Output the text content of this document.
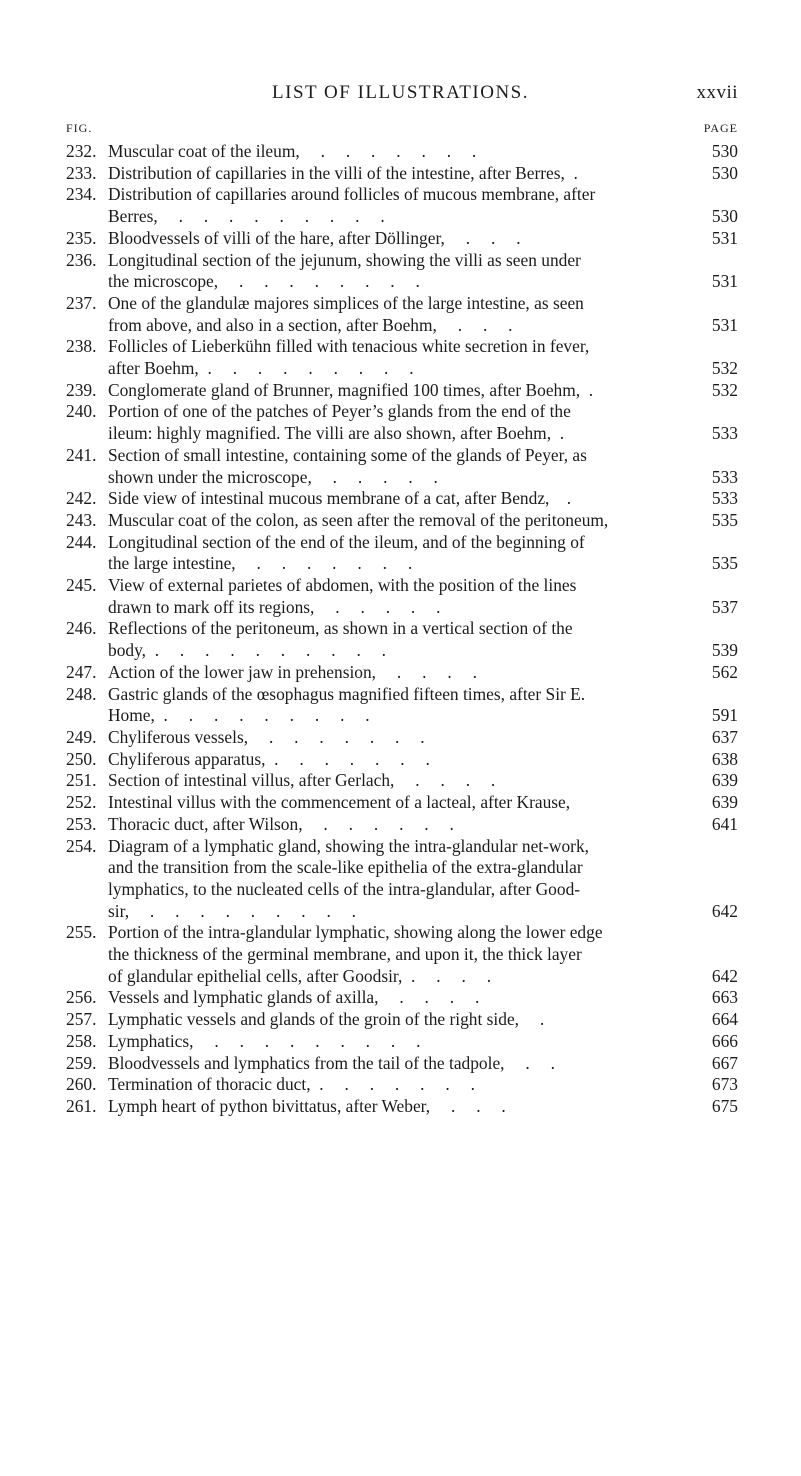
LIST OF ILLUSTRATIONS.	xxvii
FIG.	PAGE
232. Muscular coat of the ileum,  .  .  .  .  .  .  .	530
233. Distribution of capillaries in the villi of the intestine, after Berres, .	530
234. Distribution of capillaries around follicles of mucous membrane, after
Berres,  .  .  .  .  .  .  .  .  .	530
235. Bloodvessels of villi of the hare, after Döllinger,  .  .  .	531
236. Longitudinal section of the jejunum, showing the villi as seen under
the microscope,  .  .  .  .  .  .  .  .	531
237. One of the glandulæ majores simplices of the large intestine, as seen
from above, and also in a section, after Boehm,  .  .  .	531
238. Follicles of Lieberkühn filled with tenacious white secretion in fever,
after Boehm, .  .  .  .  .  .  .  .  .	532
239. Conglomerate gland of Brunner, magnified 100 times, after Boehm, .	532
240. Portion of one of the patches of Peyer’s glands from the end of the
ileum: highly magnified. The villi are also shown, after Boehm, .	533
241. Section of small intestine, containing some of the glands of Peyer, as
shown under the microscope,  .  .  .  .  .	533
242. Side view of intestinal mucous membrane of a cat, after Bendz, .	533
243. Muscular coat of the colon, as seen after the removal of the peritoneum,	535
244. Longitudinal section of the end of the ileum, and of the beginning of
the large intestine,  .  .  .  .  .  .  .	535
245. View of external parietes of abdomen, with the position of the lines
drawn to mark off its regions,  .  .  .  .  .	537
246. Reflections of the peritoneum, as shown in a vertical section of the
body, .  .  .  .  .  .  .  .  .  .	539
247. Action of the lower jaw in prehension,  .  .  .  .	562
248. Gastric glands of the œsophagus magnified fifteen times, after Sir E.
Home, .  .  .  .  .  .  .  .  .	591
249. Chyliferous vessels,  .  .  .  .  .  .  .	637
250. Chyliferous apparatus, .  .  .  .  .  .  .	638
251. Section of intestinal villus, after Gerlach,  .  .  .  .	639
252. Intestinal villus with the commencement of a lacteal, after Krause,	639
253. Thoracic duct, after Wilson,  .  .  .  .  .  .	641
254. Diagram of a lymphatic gland, showing the intra-glandular net-work,
and the transition from the scale-like epithelia of the extra-glandular
lymphatics, to the nucleated cells of the intra-glandular, after Good-
sir,  .  .  .  .  .  .  .  .  .	642
255. Portion of the intra-glandular lymphatic, showing along the lower edge
the thickness of the germinal membrane, and upon it, the thick layer
of glandular epithelial cells, after Goodsir, .  .  .  .	642
256. Vessels and lymphatic glands of axilla,  .  .  .  .	663
257. Lymphatic vessels and glands of the groin of the right side,  .	664
258. Lymphatics,  .  .  .  .  .  .  .  .  .	666
259. Bloodvessels and lymphatics from the tail of the tadpole,  .  .	667
260. Termination of thoracic duct, .  .  .  .  .  .  .	673
261. Lymph heart of python bivittatus, after Weber,  .  .  .	675
